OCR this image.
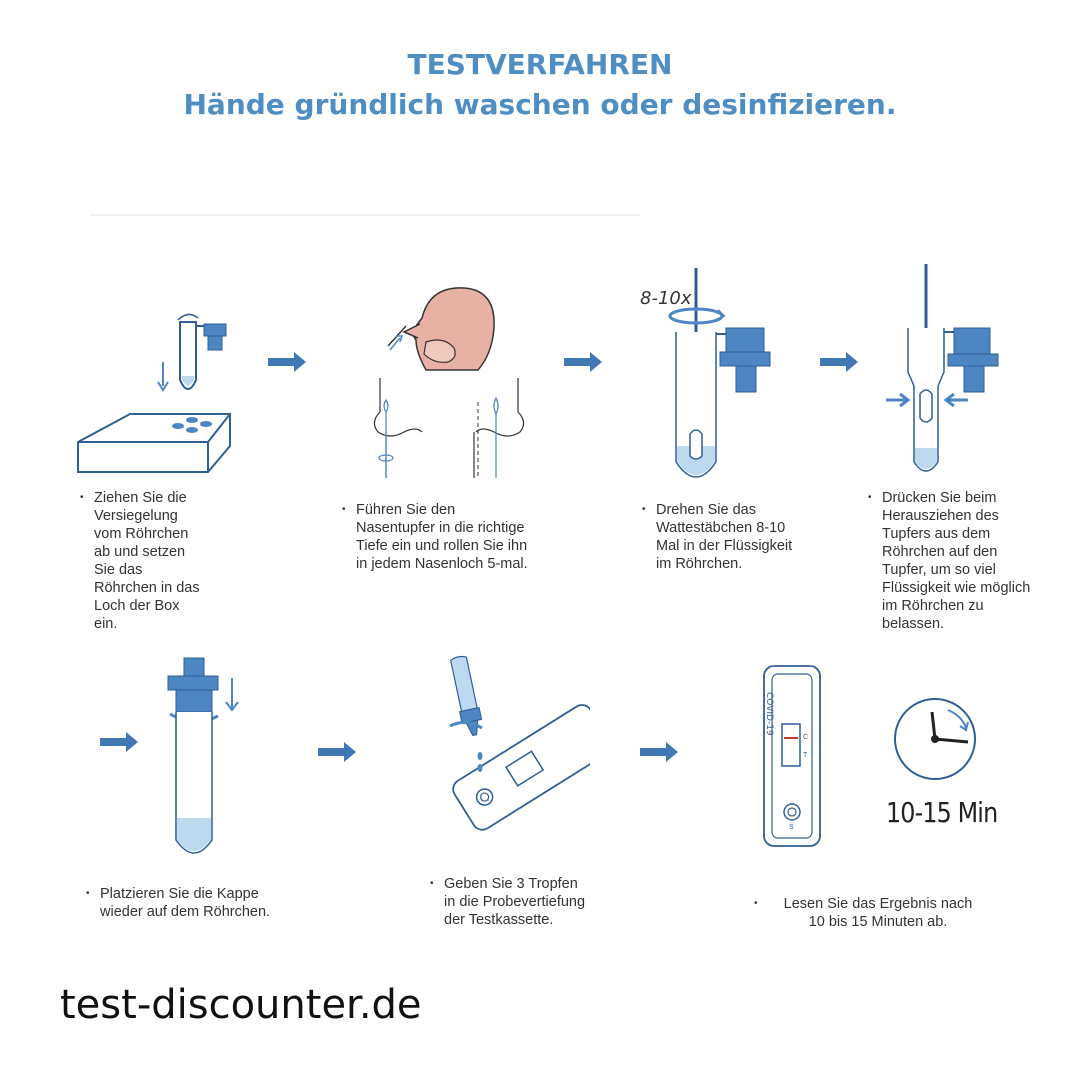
TESTVERFAHREN
Hände gründlich waschen oder desinfizieren.
8-10x
COVID-19
C
T
S	10-15 Min
• Ziehen Sie die
Versiegelung
vom Röhrchen
ab und setzen
Sie das
Röhrchen in das
Loch der Box
ein.
• Führen Sie den
Nasentupfer in die richtige
Tiefe ein und rollen Sie ihn
in jedem Nasenloch 5-mal.
• Drehen Sie das
Wattestäbchen 8-10
Mal in der Flüssigkeit
im Röhrchen.
• Drücken Sie beim
Herausziehen des
Tupfers aus dem
Röhrchen auf den
Tupfer, um so viel
Flüssigkeit wie möglich
im Röhrchen zu
belassen.
• Platzieren Sie die Kappe
wieder auf dem Röhrchen.
• Geben Sie 3 Tropfen
in die Probevertiefung
der Testkassette.
•	Lesen Sie das Ergebnis nach
10 bis 15 Minuten ab.
test-discounter.de
